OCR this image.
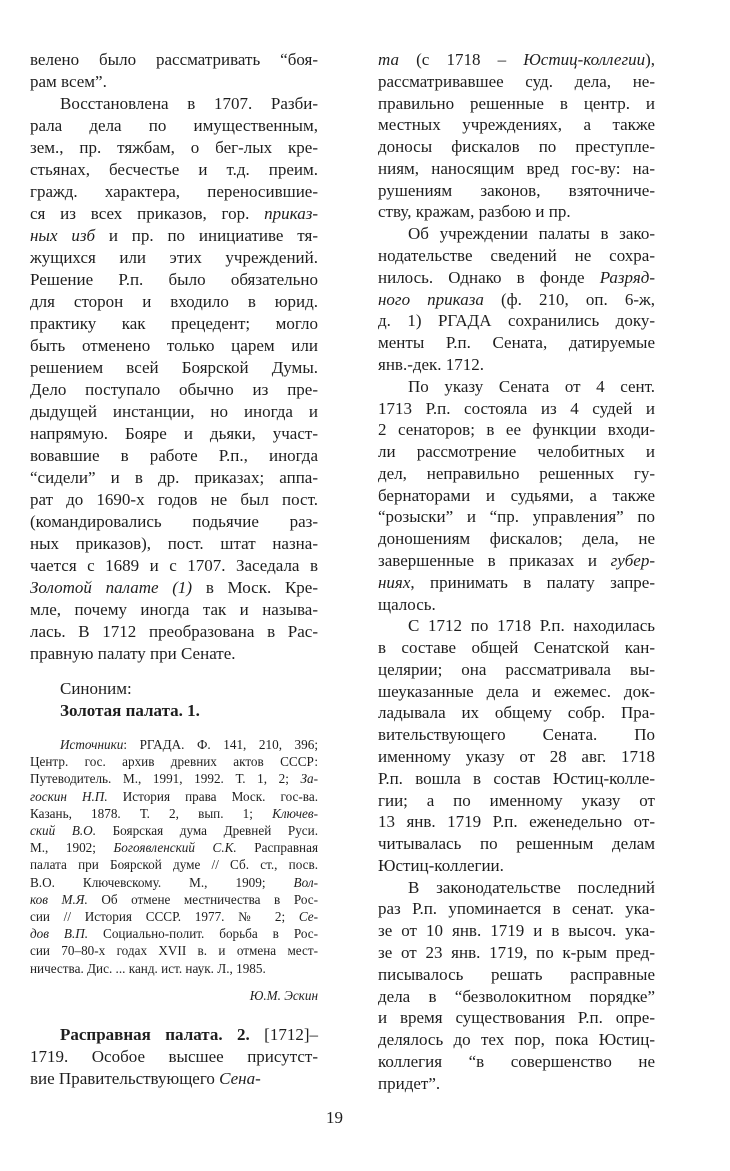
велено было рассматривать “боя-
рам всем”.
Восстановлена в 1707. Разби-
рала дела по имущественным,
зем., пр. тяжбам, о бег-лых кре-
стьянах, бесчестье и т.д. преим.
гражд. характера, переносившие-
ся из всех приказов, гор. приказ-
ных изб и пр. по инициативе тя-
жущихся или этих учреждений.
Решение Р.п. было обязательно
для сторон и входило в юрид.
практику как прецедент; могло
быть отменено только царем или
решением всей Боярской Думы.
Дело поступало обычно из пре-
дыдущей инстанции, но иногда и
напрямую. Бояре и дьяки, участ-
вовавшие в работе Р.п., иногда
“сидели” и в др. приказах; аппа-
рат до 1690-х годов не был пост.
(командировались подьячие раз-
ных приказов), пост. штат назна-
чается с 1689 и с 1707. Заседала в
Золотой палате (1) в Моск. Кре-
мле, почему иногда так и называ-
лась. В 1712 преобразована в Рас-
правную палату при Сенате.
Синоним:
Золотая палата. 1.
Источники: РГАДА. Ф. 141, 210, 396;
Центр. гос. архив древних актов СССР:
Путеводитель. М., 1991, 1992. Т. 1, 2; За-
госкин Н.П. История права Моск. гос-ва.
Казань, 1878. Т. 2, вып. 1; Ключев-
ский В.О. Боярская дума Древней Руси.
М., 1902; Богоявленский С.К. Расправная
палата при Боярской думе // Сб. ст., посв.
В.О. Ключевскому. М., 1909; Вол-
ков М.Я. Об отмене местничества в Рос-
сии // История СССР. 1977. № 2; Се-
дов В.П. Социально-полит. борьба в Рос-
сии 70–80-х годах XVII в. и отмена мест-
ничества. Дис. ... канд. ист. наук. Л., 1985.
Ю.М. Эскин
Расправная палата. 2. [1712]–
1719. Особое высшее присутст-
вие Правительствующего Сена-
та (с 1718 – Юстиц-коллегии),
рассматривавшее суд. дела, не-
правильно решенные в центр. и
местных учреждениях, а также
доносы фискалов по преступле-
ниям, наносящим вред гос-ву: на-
рушениям законов, взяточниче-
ству, кражам, разбою и пр.
Об учреждении палаты в зако-
нодательстве сведений не сохра-
нилось. Однако в фонде Разряд-
ного приказа (ф. 210, оп. 6-ж,
д. 1) РГАДА сохранились доку-
менты Р.п. Сената, датируемые
янв.-дек. 1712.
По указу Сената от 4 сент.
1713 Р.п. состояла из 4 судей и
2 сенаторов; в ее функции входи-
ли рассмотрение челобитных и
дел, неправильно решенных гу-
бернаторами и судьями, а также
“розыски” и “пр. управления” по
доношениям фискалов; дела, не
завершенные в приказах и губер-
ниях, принимать в палату запре-
щалось.
С 1712 по 1718 Р.п. находилась
в составе общей Сенатской кан-
целярии; она рассматривала вы-
шеуказанные дела и ежемес. док-
ладывала их общему собр. Пра-
вительствующего Сената. По
именному указу от 28 авг. 1718
Р.п. вошла в состав Юстиц-колле-
гии; а по именному указу от
13 янв. 1719 Р.п. еженедельно от-
читывалась по решенным делам
Юстиц-коллегии.
В законодательстве последний
раз Р.п. упоминается в сенат. ука-
зе от 10 янв. 1719 и в высоч. ука-
зе от 23 янв. 1719, по к-рым пред-
писывалось решать расправные
дела в “безволокитном порядке”
и время существования Р.п. опре-
делялось до тех пор, пока Юстиц-
коллегия “в совершенство не
придет”.
19
